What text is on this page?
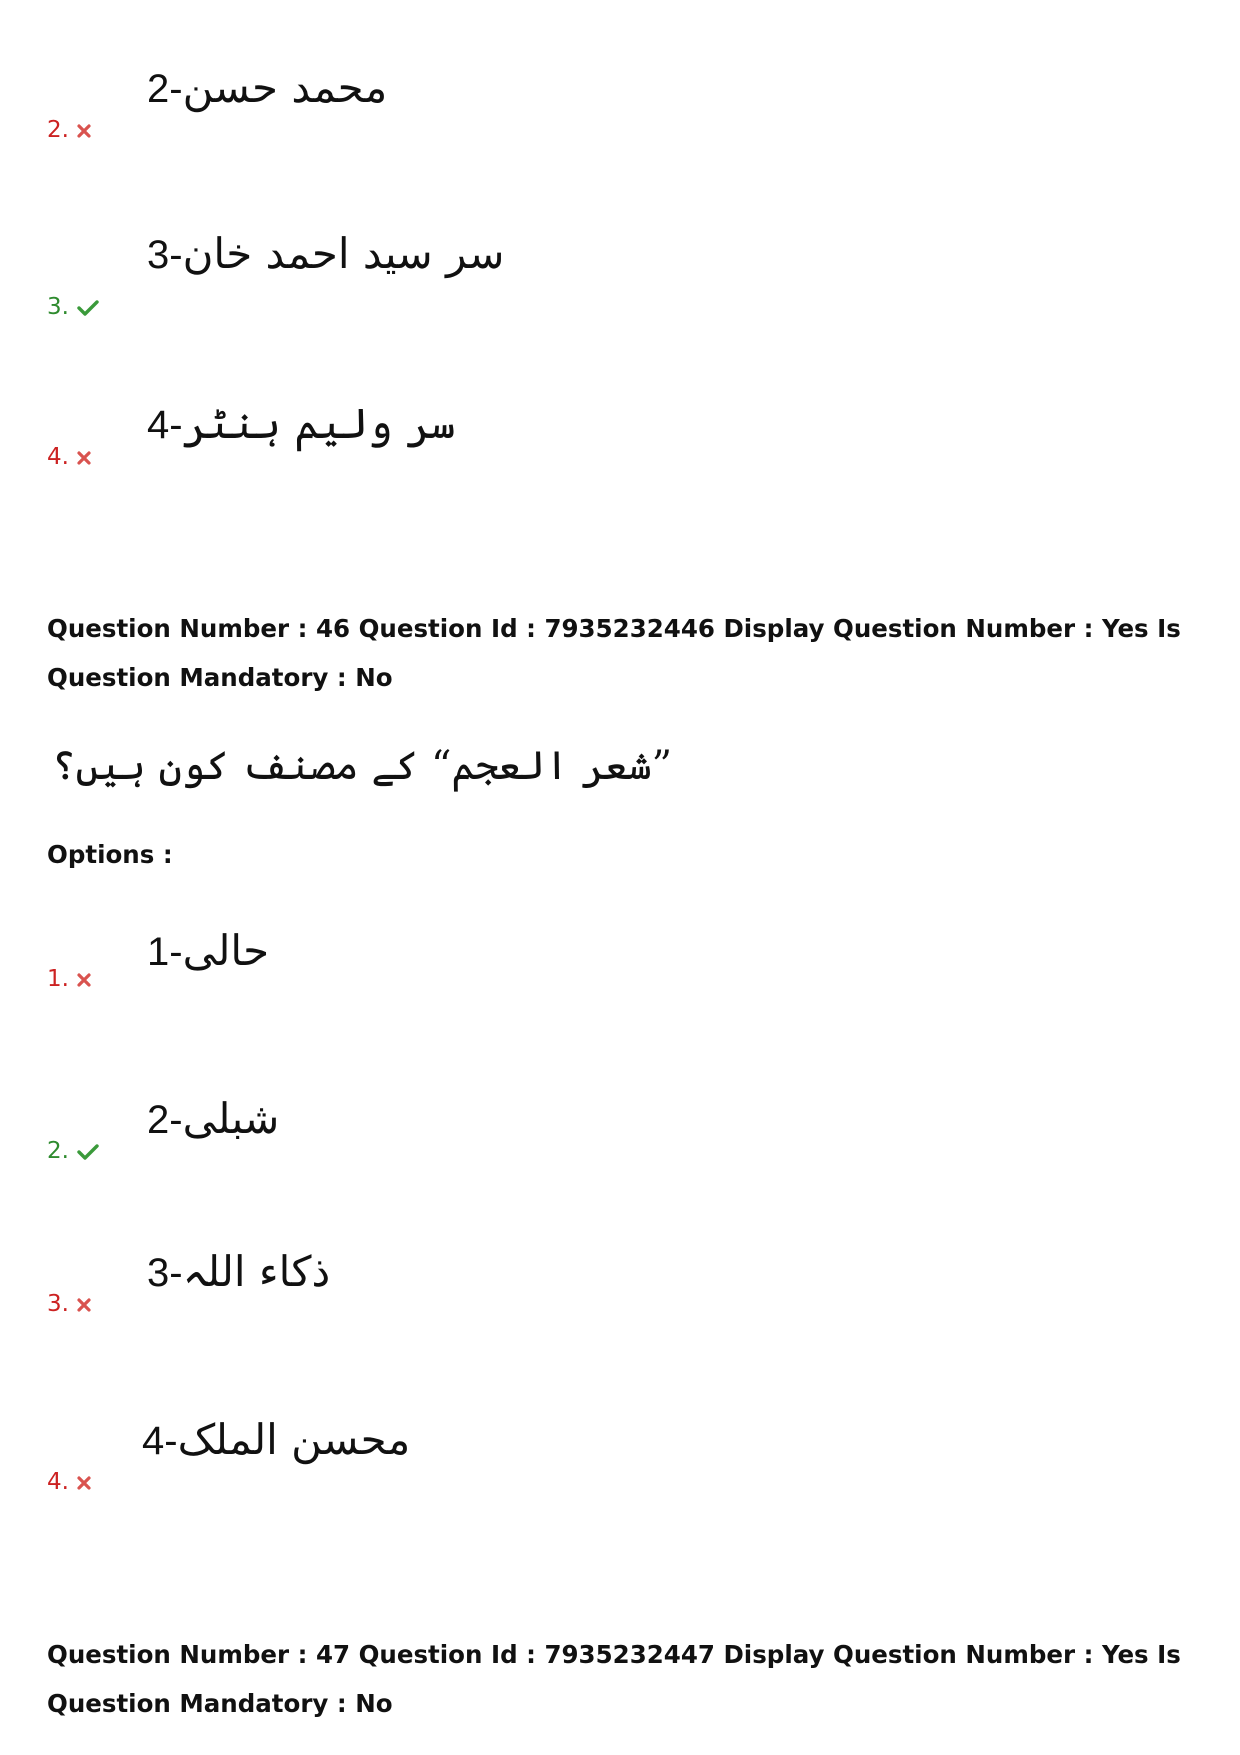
محمد حسن-2
2.
سر سید احمد خان-3
3.
سر ولیم ہنٹر-4
4.
Question Number : 46 Question Id : 7935232446 Display Question Number : Yes Is Question Mandatory : No
”شعر العجم“ کے مصنف کون ہیں؟
Options :
حالی-1
1.
شبلی-2
2.
ذکاء اللہ-3
3.
محسن الملک-4
4.
Question Number : 47 Question Id : 7935232447 Display Question Number : Yes Is Question Mandatory : No
